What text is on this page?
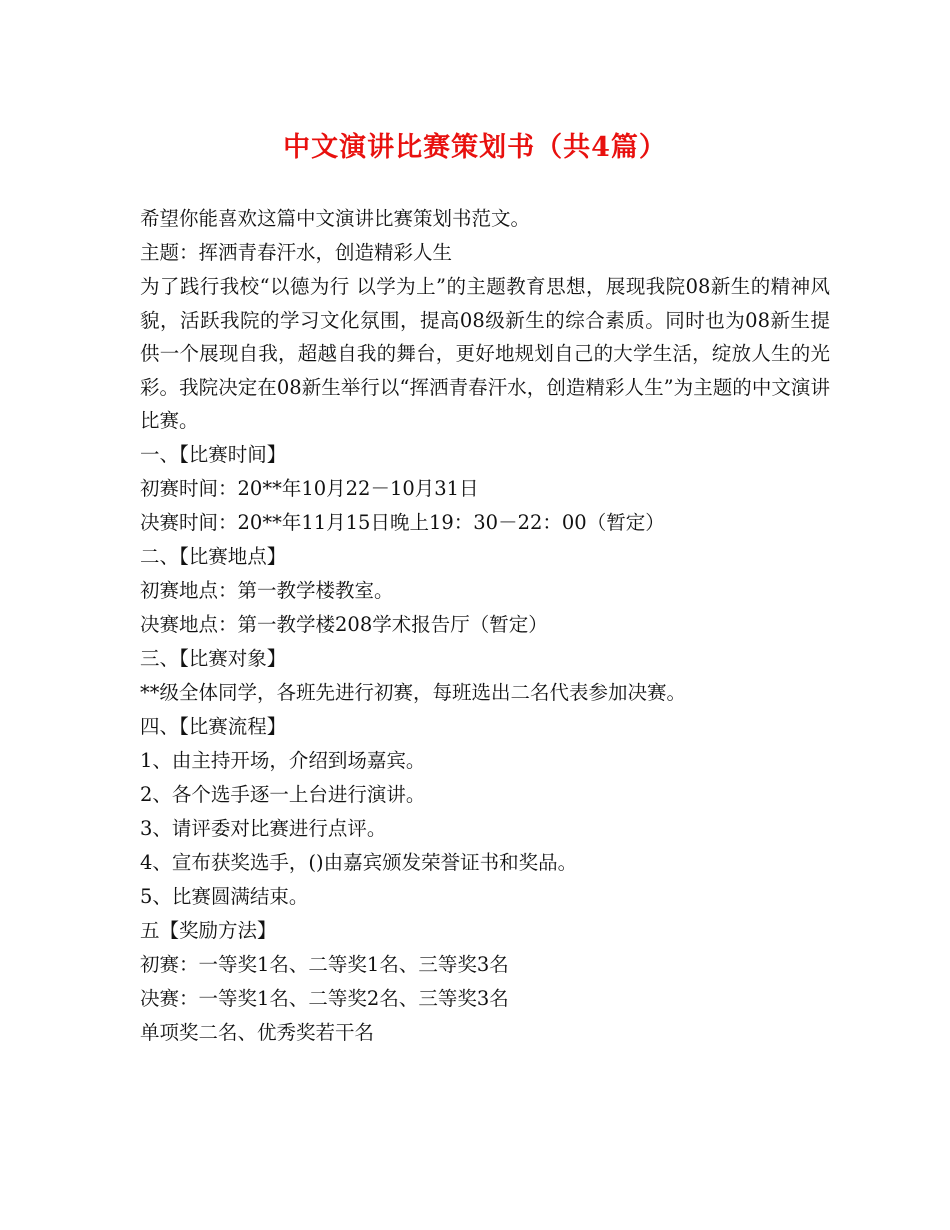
中文演讲比赛策划书（共4篇）
希望你能喜欢这篇中文演讲比赛策划书范文。
主题：挥洒青春汗水，创造精彩人生
为了践行我校“以德为行 以学为上”的主题教育思想，展现我院08新生的精神风貌，活跃我院的学习文化氛围，提高08级新生的综合素质。同时也为08新生提供一个展现自我，超越自我的舞台，更好地规划自己的大学生活，绽放人生的光彩。我院决定在08新生举行以“挥洒青春汗水，创造精彩人生”为主题的中文演讲比赛。
一、【比赛时间】
初赛时间：20**年10月22－10月31日
决赛时间：20**年11月15日晚上19：30－22：00（暂定）
二、【比赛地点】
初赛地点：第一教学楼教室。
决赛地点：第一教学楼208学术报告厅（暂定）
三、【比赛对象】
**级全体同学，各班先进行初赛，每班选出二名代表参加决赛。
四、【比赛流程】
1、由主持开场，介绍到场嘉宾。
2、各个选手逐一上台进行演讲。
3、请评委对比赛进行点评。
4、宣布获奖选手，()由嘉宾颁发荣誉证书和奖品。
5、比赛圆满结束。
五【奖励方法】
初赛：一等奖1名、二等奖1名、三等奖3名
决赛：一等奖1名、二等奖2名、三等奖3名
单项奖二名、优秀奖若干名
